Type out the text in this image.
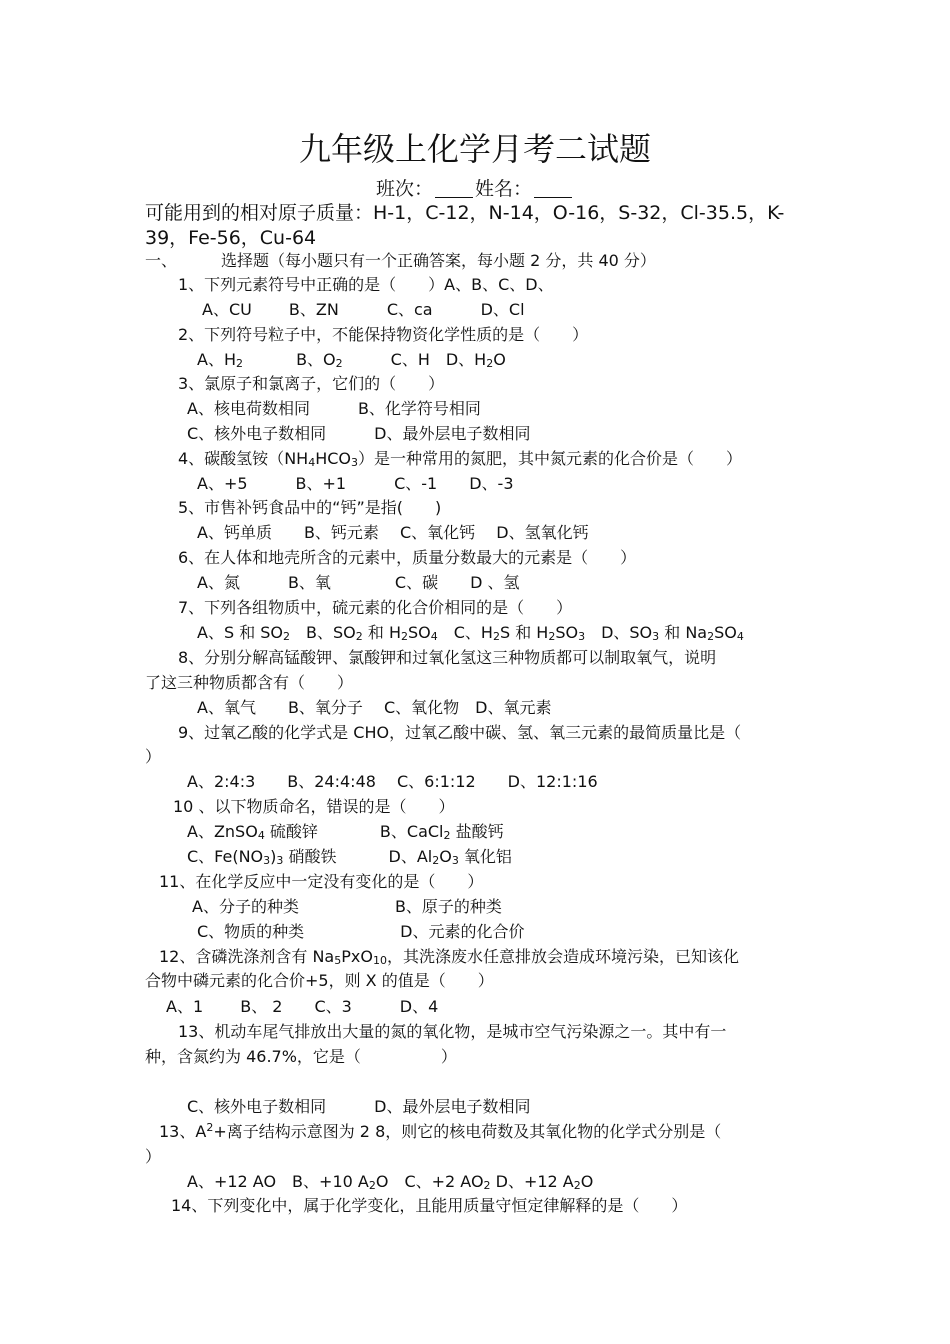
九年级上化学月考二试题
班次： 姓名：
可能用到的相对原子质量：H-1，C-12，N-14，O-16，S-32，Cl-35.5，K-
39，Fe-56，Cu-64
一、	选择题（每小题只有一个正确答案，每小题 2 分，共 40 分）
1、下列元素符号中正确的是（　　）A、B、C、D、
A、CU　　 B、ZN　　　C、ca　　　D、Cl
2、下列符号粒子中，不能保持物资化学性质的是（　　）
A、$H_2$　　　 B、$O_2$　　　C、H　D、$H_2O$
3、氯原子和氯离子，它们的（　　）
A、核电荷数相同　　　B、化学符号相同
C、核外电子数相同　　　D、最外层电子数相同
4、碳酸氢铵$(NH_4HCO_3)$是一种常用的氮肥，其中氮元素的化合价是（　　）
A、+5　　　B、+1　　　C、-1　　D、-3
5、市售补钙食品中的“钙”是指(　　)
A、钙单质　　B、钙元素　 C、氧化钙　 D、氢氧化钙
6、在人体和地壳所含的元素中，质量分数最大的元素是（　　）
A、氮　　　B、氧　　　　C、碳　　D 、氢
7、下列各组物质中，硫元素的化合价相同的是（　　）
A、S 和 $SO_2$　B、$SO_2$ 和 $H_2SO_4$　C、$H_2S$ 和 $H_2SO_3$　D、$SO_3$ 和 $Na_2SO_4$
8、分别分解高锰酸钾、氯酸钾和过氧化氢这三种物质都可以制取氧气，说明
了这三种物质都含有（　　）
A、氧气　　B、氧分子　 C、氧化物　D、氧元素
9、过氧乙酸的化学式是 CHO，过氧乙酸中碳、氢、氧三元素的最简质量比是（
）
A、2:4:3　　B、24:4:48　 C、6:1:12　　D、12:1:16
10 、以下物质命名，错误的是（　　）
A、ZnSO$_4$ 硫酸锌	B、CaCl$_2$ 盐酸钙
C、$Fe(NO_3)_3$ 硝酸铁	D、$Al_2O_3$ 氧化铝
11、在化学反应中一定没有变化的是（　　）
A、分子的种类　　　　　　B、原子的种类
C、物质的种类　　　　　　D、元素的化合价
12、含磷洗涤剂含有 $Na_5PxO_{10}$，其洗涤废水任意排放会造成环境污染，已知该化
合物中磷元素的化合价+5，则 X 的值是（　　）
A、1　　 B、 2　　C、3　　　D、4
13、机动车尾气排放出大量的氮的氧化物，是城市空气污染源之一。其中有一
种，含氮约为 46.7%，它是（　　　　　）
C、核外电子数相同　　　D、最外层电子数相同
13、$A^2+$离子结构示意图为 2 8，则它的核电荷数及其氧化物的化学式分别是（
）
A、+12 AO　B、+10 $A_2O$　C、+2 $AO_2$ D、+12 $A_2O$
14、下列变化中，属于化学变化，且能用质量守恒定律解释的是（　　）
